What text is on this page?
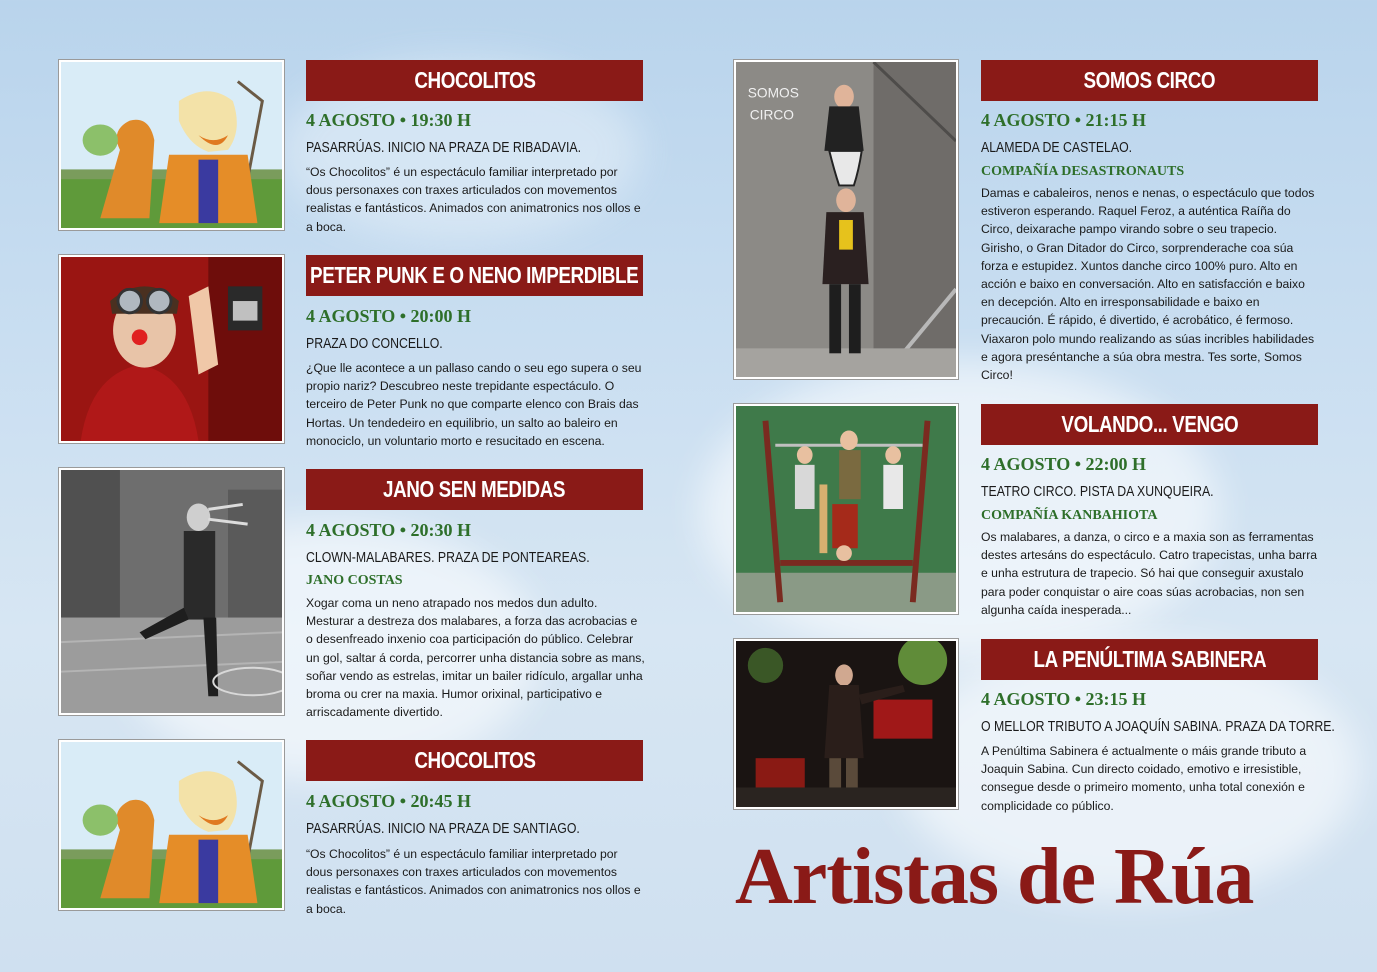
CHOCOLITOS
4 AGOSTO • 19:30 H
PASARRÚAS. INICIO NA PRAZA DE RIBADAVIA.
“Os Chocolitos” é un espectáculo familiar interpretado por dous personaxes con traxes articulados con movementos realistas e fantásticos. Animados con animatronics nos ollos e a boca.
PETER PUNK E O NENO IMPERDIBLE
4 AGOSTO • 20:00 H
PRAZA DO CONCELLO.
¿Que lle acontece a un pallaso cando o seu ego supera o seu propio nariz? Descubreo neste trepidante espectáculo. O terceiro de Peter Punk no que comparte elenco con Brais das Hortas. Un tendedeiro en equilibrio, un salto ao baleiro en monociclo, un voluntario morto e resucitado en escena.
JANO SEN MEDIDAS
4 AGOSTO • 20:30 H
CLOWN-MALABARES. PRAZA DE PONTEAREAS.
JANO COSTAS
Xogar coma un neno atrapado nos medos dun adulto. Mesturar a destreza dos malabares, a forza das acrobacias e o desenfreado inxenio coa participación do público. Celebrar un gol, saltar á corda, percorrer unha distancia sobre as mans, soñar vendo as estrelas, imitar un bailer ridículo, argallar unha broma ou crer na maxia. Humor orixinal, participativo e arriscadamente divertido.
CHOCOLITOS
4 AGOSTO • 20:45 H
PASARRÚAS. INICIO NA PRAZA DE SANTIAGO.
“Os Chocolitos” é un espectáculo familiar interpretado por dous personaxes con traxes articulados con movementos realistas e fantásticos. Animados con animatronics nos ollos e a boca.
SOMOS
CIRCO
SOMOS CIRCO
4 AGOSTO • 21:15 H
ALAMEDA DE CASTELAO.
COMPAÑÍA DESASTRONAUTS
Damas e cabaleiros, nenos e nenas, o espectáculo que todos estiveron esperando. Raquel Feroz, a auténtica Raíña do Circo, deixarache pampo virando sobre o seu trapecio. Girisho, o Gran Ditador do Circo, sorprenderache coa súa forza e estupidez. Xuntos danche circo 100% puro. Alto en acción e baixo en conversación. Alto en satisfacción e baixo en decepción. Alto en irresponsabilidade e baixo en precaución. É rápido, é divertido, é acrobático, é fermoso. Viaxaron polo mundo realizando as súas incribles habilidades e agora preséntanche a súa obra mestra. Tes sorte, Somos Circo!
VOLANDO... VENGO
4 AGOSTO • 22:00 H
TEATRO CIRCO. PISTA DA XUNQUEIRA.
COMPAÑÍA KANBAHIOTA
Os malabares, a danza, o circo e a maxia son as ferramentas destes artesáns do espectáculo. Catro trapecistas, unha barra e unha estrutura de trapecio. Só hai que conseguir axustalo para poder conquistar o aire coas súas acrobacias, non sen algunha caída inesperada...
LA PENÚLTIMA SABINERA
4 AGOSTO • 23:15 H
O MELLOR TRIBUTO A JOAQUÍN SABINA. PRAZA DA TORRE.
A Penúltima Sabinera é actualmente o máis grande tributo a Joaquin Sabina. Cun directo coidado, emotivo e irresistible, consegue desde o primeiro momento, unha total conexión e complicidade co público.
Artistas de Rúa
